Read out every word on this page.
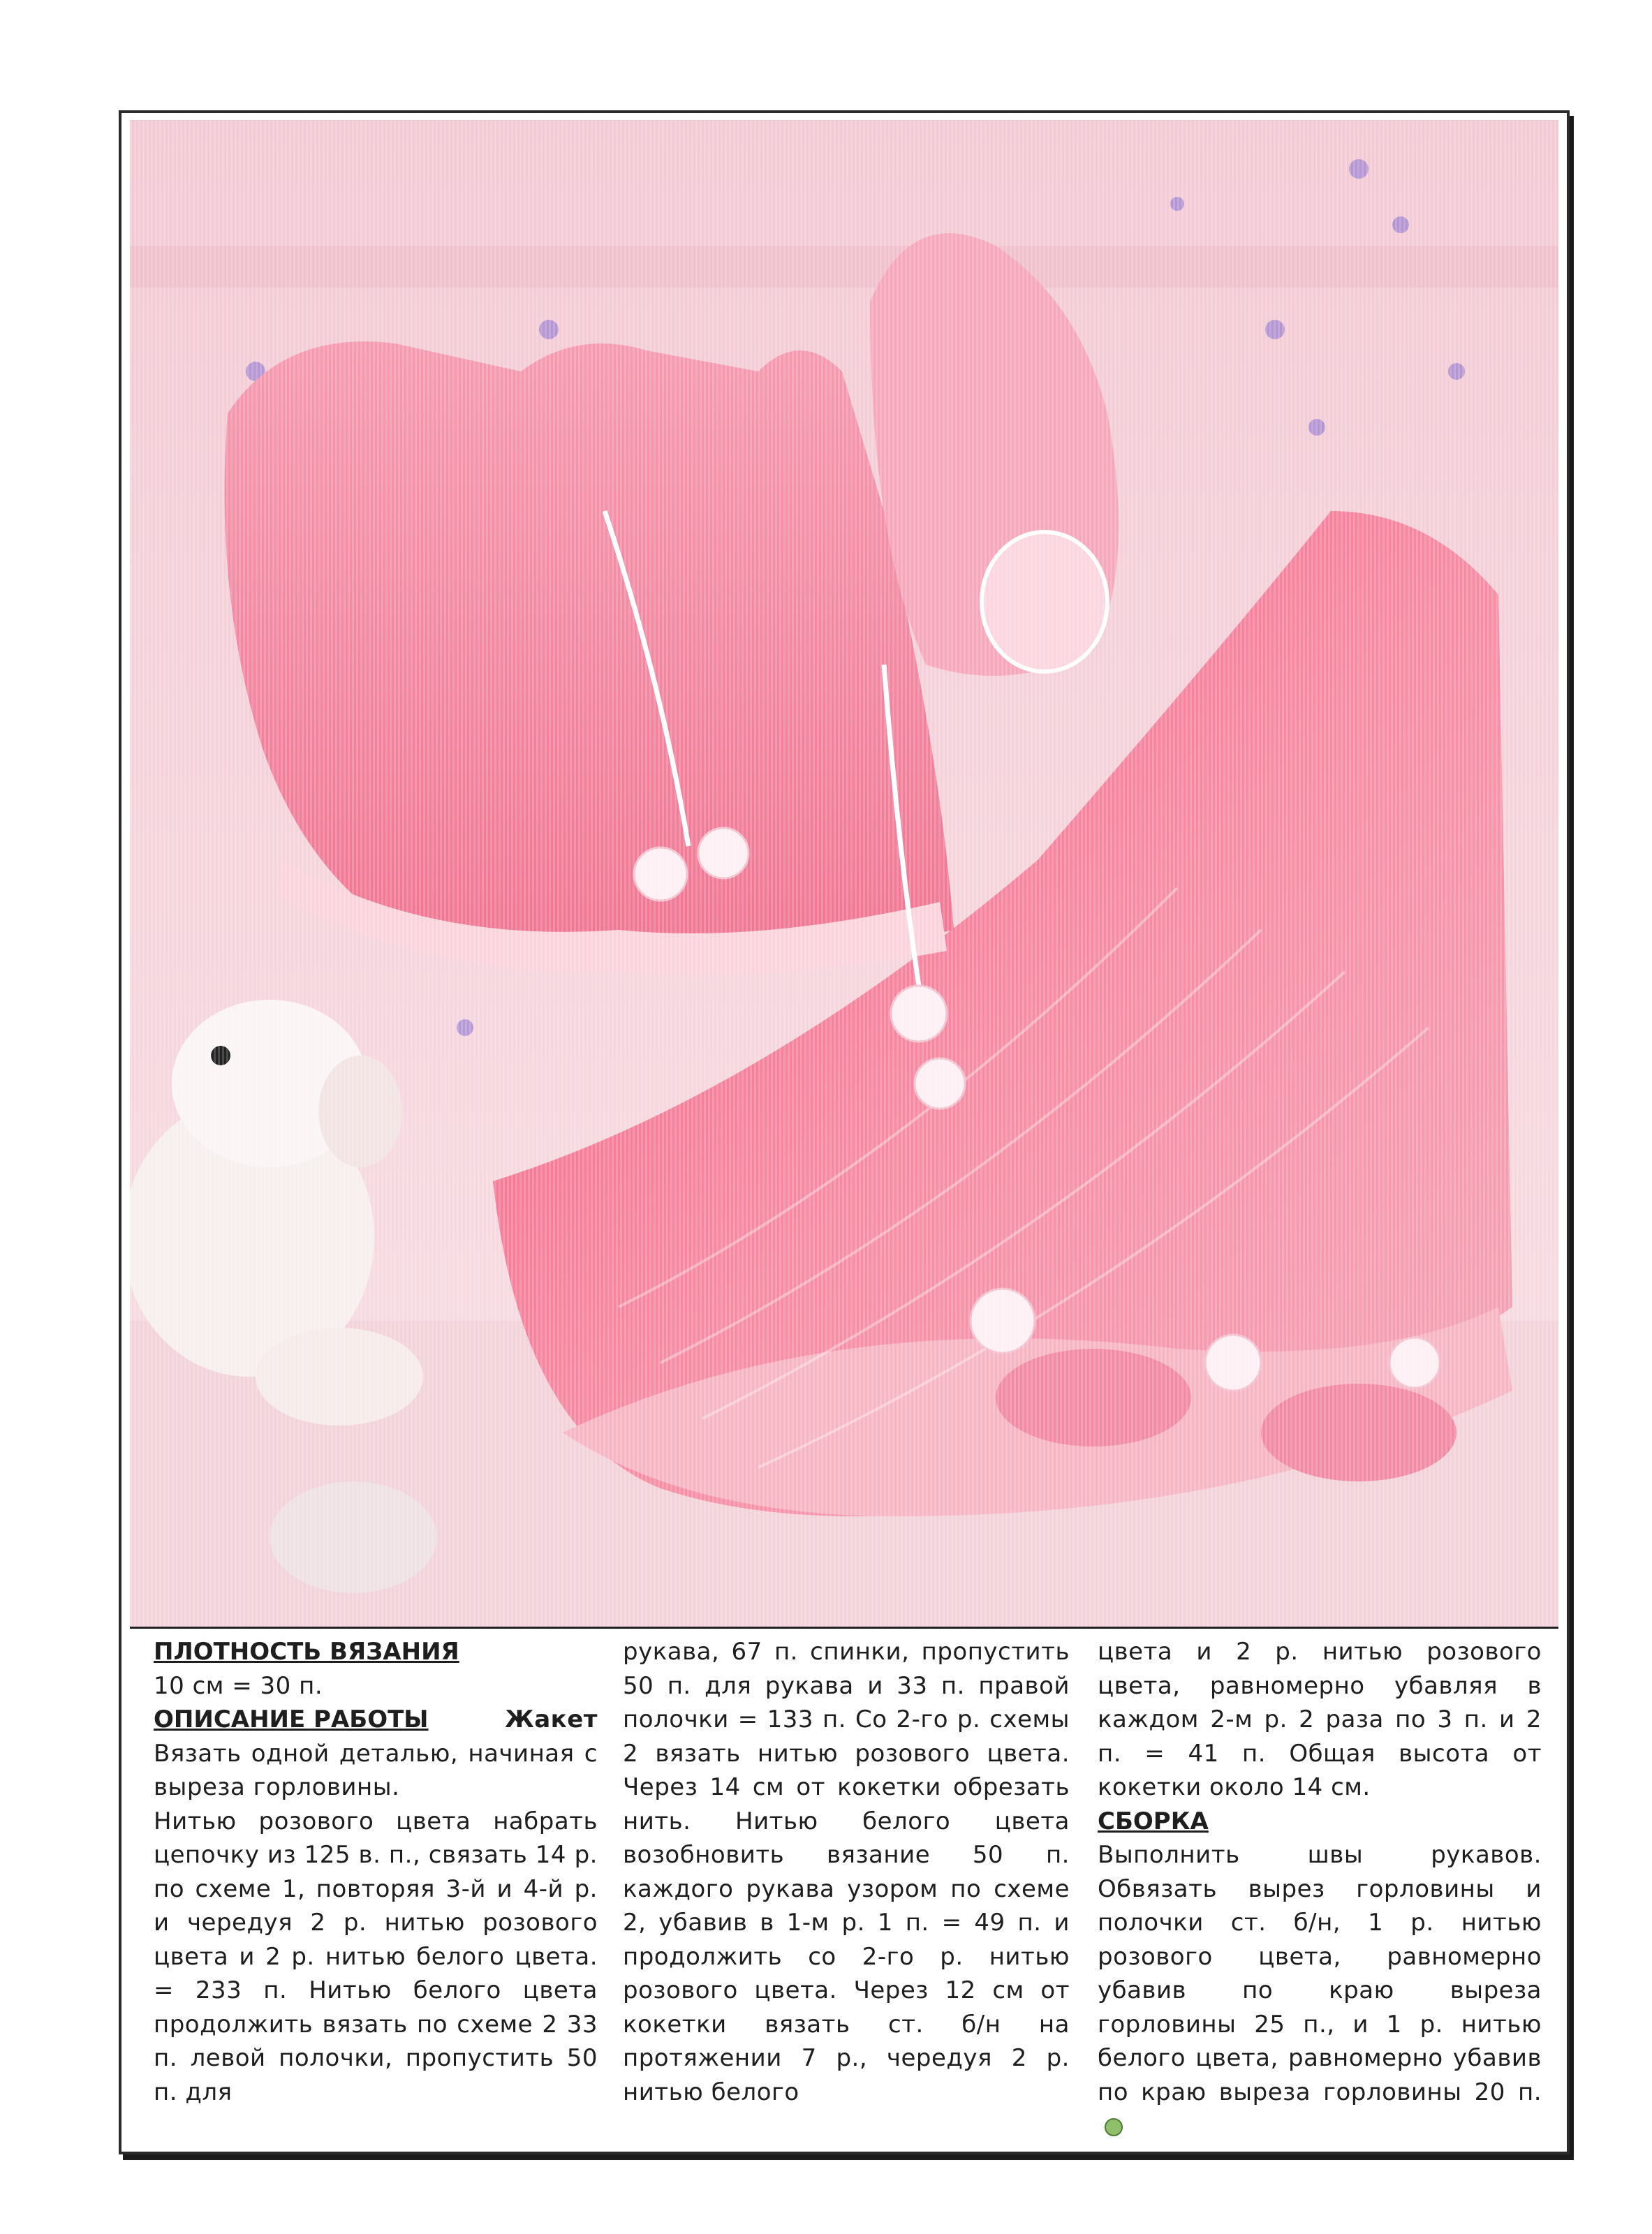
ПЛОТНОСТЬ ВЯЗАНИЯ

10 см = 30 п.

ОПИСАНИЕ РАБОТЫ	Жакет

Вязать одной деталью, начиная с выреза горловины.

Нитью розового цвета набрать цепочку из 125 в. п., связать 14 р. по схеме 1, повторяя 3-й и 4-й р. и чередуя 2 р. нитью розового цвета и 2 р. нитью белого цвета. = 233 п. Нитью белого цвета продолжить вязать по схеме 2 33 п. левой полочки, пропустить 50 п. для

рукава, 67 п. спинки, пропустить 50 п. для рукава и 33 п. правой полочки = 133 п. Со 2-го р. схемы 2 вязать нитью розового цвета. Через 14 см от кокетки обрезать нить. Нитью белого цвета возобновить вязание 50 п. каждого рукава узором по схеме 2, убавив в 1-м р. 1 п. = 49 п. и продолжить со 2-го р. нитью розового цвета. Через 12 см от кокетки вязать ст. б/н на протяжении 7 р., чередуя 2 р. нитью белого

цвета и 2 р. нитью розового цвета, равномерно убавляя в каждом 2-м р. 2 раза по 3 п. и 2 п. = 41 п. Общая высота от кокетки около 14 см.

СБОРКА

Выполнить швы рукавов. Обвязать вырез горловины и полочки ст. б/н, 1 р. нитью розового цвета, равномерно убавив по краю выреза горловины 25 п., и 1 р. нитью белого цвета, равномерно убавив по краю выреза горловины 20 п.
